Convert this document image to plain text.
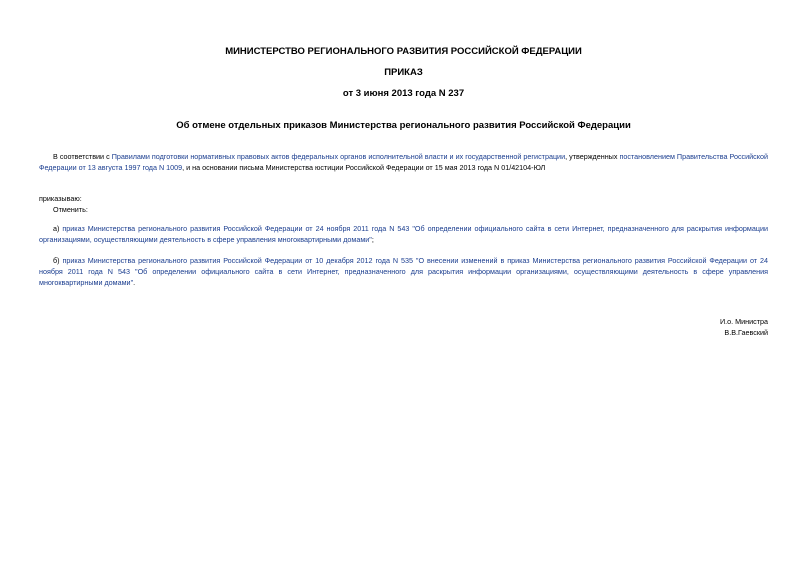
МИНИСТЕРСТВО РЕГИОНАЛЬНОГО РАЗВИТИЯ РОССИЙСКОЙ ФЕДЕРАЦИИ
ПРИКАЗ
от 3 июня 2013 года N 237
Об отмене отдельных приказов Министерства регионального развития Российской Федерации
В соответствии с Правилами подготовки нормативных правовых актов федеральных органов исполнительной власти и их государственной регистрации, утвержденных постановлением Правительства Российской Федерации от 13 августа 1997 года N 1009, и на основании письма Министерства юстиции Российской Федерации от 15 мая 2013 года N 01/42104-ЮЛ
приказываю:
Отменить:
а) приказ Министерства регионального развития Российской Федерации от 24 ноября 2011 года N 543 "Об определении официального сайта в сети Интернет, предназначенного для раскрытия информации организациями, осуществляющими деятельность в сфере управления многоквартирными домами";
б) приказ Министерства регионального развития Российской Федерации от 10 декабря 2012 года N 535 "О внесении изменений в приказ Министерства регионального развития Российской Федерации от 24 ноября 2011 года N 543 "Об определении официального сайта в сети Интернет, предназначенного для раскрытия информации организациями, осуществляющими деятельность в сфере управления многоквартирными домами".
И.о. Министра
В.В.Гаевский
